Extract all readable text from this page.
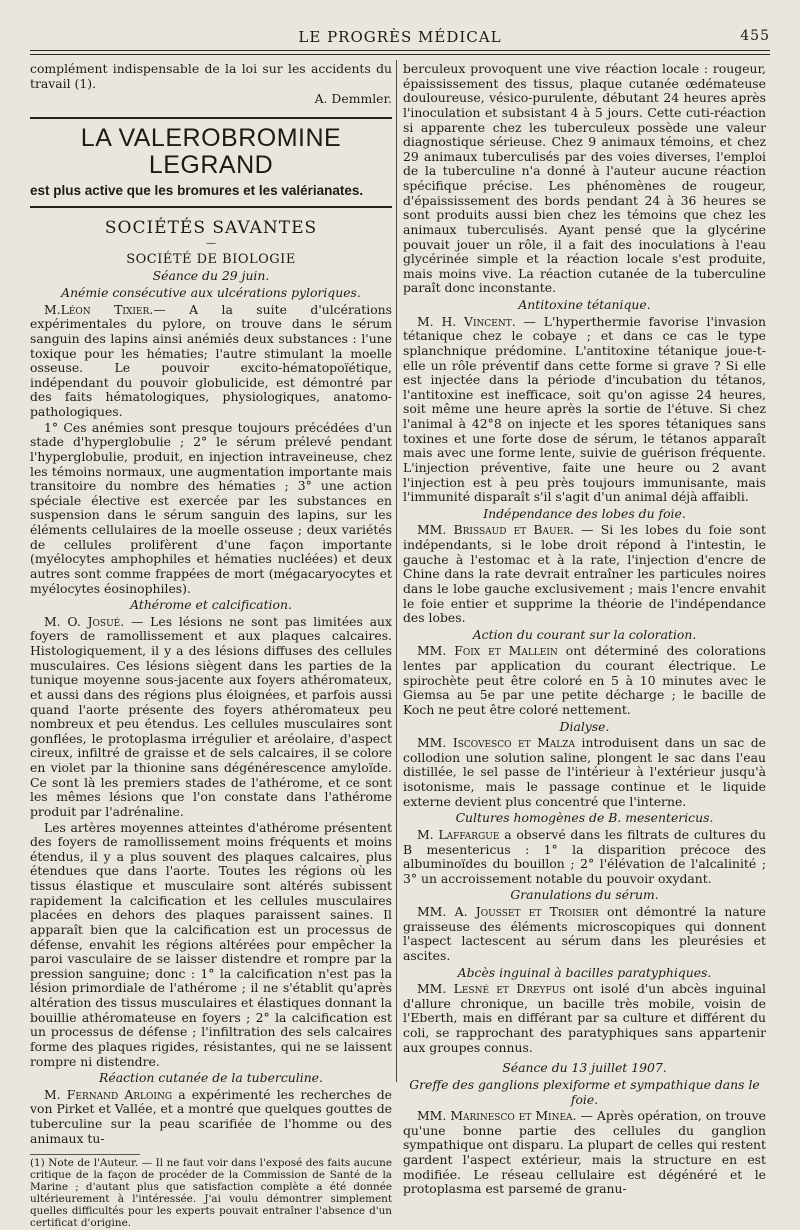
LE PROGRÈS MÉDICAL	455

complément indispensable de la loi sur les accidents du travail (1).

A. Demmler.

LA VALEROBROMINE LEGRAND
est plus active que les bromures et les valérianates.
SOCIÉTÉS SAVANTES
—
SOCIÉTÉ DE BIOLOGIE
Séance du 29 juin.
Anémie consécutive aux ulcérations pyloriques.

M.Léon Tixier.— A la suite d'ulcérations expérimentales du pylore, on trouve dans le sérum sanguin des lapins ainsi anémiés deux substances : l'une toxique pour les hématies; l'autre stimulant la moelle osseuse. Le pouvoir excito-hématopoïétique, indépendant du pouvoir globulicide, est démontré par des faits hématologiques, physiologiques, anatomo-pathologiques.

1° Ces anémies sont presque toujours précédées d'un stade d'hyperglobulie ; 2° le sérum prélevé pendant l'hyperglobulie, produit, en injection intraveineuse, chez les témoins normaux, une augmentation importante mais transitoire du nombre des hématies ; 3° une action spéciale élective est exercée par les substances en suspension dans le sérum sanguin des lapins, sur les éléments cellulaires de la moelle osseuse ; deux variétés de cellules prolifèrent d'une façon importante (myélocytes amphophiles et hématies nucléées) et deux autres sont comme frappées de mort (mégacaryocytes et myélocytes éosinophiles).

Athérome et calcification.

M. O. Josué. — Les lésions ne sont pas limitées aux foyers de ramollissement et aux plaques calcaires. Histologiquement, il y a des lésions diffuses des cellules musculaires. Ces lésions siègent dans les parties de la tunique moyenne sous-jacente aux foyers athéromateux, et aussi dans des régions plus éloignées, et parfois aussi quand l'aorte présente des foyers athéromateux peu nombreux et peu étendus. Les cellules musculaires sont gonflées, le protoplasma irrégulier et aréolaire, d'aspect cireux, infiltré de graisse et de sels calcaires, il se colore en violet par la thionine sans dégénérescence amyloïde. Ce sont là les premiers stades de l'athérome, et ce sont les mêmes lésions que l'on constate dans l'athérome produit par l'adrénaline.

Les artères moyennes atteintes d'athérome présentent des foyers de ramollissement moins fréquents et moins étendus, il y a plus souvent des plaques calcaires, plus étendues que dans l'aorte. Toutes les régions où les tissus élastique et musculaire sont altérés subissent rapidement la calcification et les cellules musculaires placées en dehors des plaques paraissent saines. Il apparaît bien que la calcification est un processus de défense, envahit les régions altérées pour empêcher la paroi vasculaire de se laisser distendre et rompre par la pression sanguine; donc : 1° la calcification n'est pas la lésion primordiale de l'athérome ; il ne s'établit qu'après altération des tissus musculaires et élastiques donnant la bouillie athéromateuse en foyers ; 2° la calcification est un processus de défense ; l'infiltration des sels calcaires forme des plaques rigides, résistantes, qui ne se laissent rompre ni distendre.

Réaction cutanée de la tuberculine.

M. Fernand Arloing a expérimenté les recherches de von Pirket et Vallée, et a montré que quelques gouttes de tuberculine sur la peau scarifiée de l'homme ou des animaux tu-

(1) Note de l'Auteur. — Il ne faut voir dans l'exposé des faits aucune critique de la façon de procéder de la Commission de Santé de la Marine ; d'autant plus que satisfaction complète a été donnée ultérieurement à l'intéressée. J'ai voulu démontrer simplement quelles difficultés pour les experts pouvait entraîner l'absence d'un certificat d'origine.

berculeux provoquent une vive réaction locale : rougeur, épaississement des tissus, plaque cutanée œdémateuse douloureuse, vésico-purulente, débutant 24 heures après l'inoculation et subsistant 4 à 5 jours. Cette cuti-réaction si apparente chez les tuberculeux possède une valeur diagnostique sérieuse. Chez 9 animaux témoins, et chez 29 animaux tuberculisés par des voies diverses, l'emploi de la tuberculine n'a donné à l'auteur aucune réaction spécifique précise. Les phénomènes de rougeur, d'épaississement des bords pendant 24 à 36 heures se sont produits aussi bien chez les témoins que chez les animaux tuberculisés. Ayant pensé que la glycérine pouvait jouer un rôle, il a fait des inoculations à l'eau glycérinée simple et la réaction locale s'est produite, mais moins vive. La réaction cutanée de la tuberculine paraît donc inconstante.

Antitoxine tétanique.

M. H. Vincent. — L'hyperthermie favorise l'invasion tétanique chez le cobaye ; et dans ce cas le type splanchnique prédomine. L'antitoxine tétanique joue-t-elle un rôle préventif dans cette forme si grave ? Si elle est injectée dans la période d'incubation du tétanos, l'antitoxine est inefficace, soit qu'on agisse 24 heures, soit même une heure après la sortie de l'étuve. Si chez l'animal à 42°8 on injecte et les spores tétaniques sans toxines et une forte dose de sérum, le tétanos apparaît mais avec une forme lente, suivie de guérison fréquente. L'injection préventive, faite une heure ou 2 avant l'injection est à peu près toujours immunisante, mais l'immunité disparaît s'il s'agit d'un animal déjà affaibli.

Indépendance des lobes du foie.

MM. Brissaud et Bauer. — Si les lobes du foie sont indépendants, si le lobe droit répond à l'intestin, le gauche à l'estomac et à la rate, l'injection d'encre de Chine dans la rate devrait entraîner les particules noires dans le lobe gauche exclusivement ; mais l'encre envahit le foie entier et supprime la théorie de l'indépendance des lobes.

Action du courant sur la coloration.

MM. Foix et Mallein ont déterminé des colorations lentes par application du courant électrique. Le spirochète peut être coloré en 5 à 10 minutes avec le Giemsa au 5e par une petite décharge ; le bacille de Koch ne peut être coloré nettement.

Dialyse.

MM. Iscovesco et Malza introduisent dans un sac de collodion une solution saline, plongent le sac dans l'eau distillée, le sel passe de l'intérieur à l'extérieur jusqu'à isotonisme, mais le passage continue et le liquide externe devient plus concentré que l'interne.

Cultures homogènes de B. mesentericus.

M. Laffargue a observé dans les filtrats de cultures du B mesentericus : 1° la disparition précoce des albuminoïdes du bouillon ; 2° l'élévation de l'alcalinité ; 3° un accroissement notable du pouvoir oxydant.

Granulations du sérum.

MM. A. Jousset et Troisier ont démontré la nature graisseuse des éléments microscopiques qui donnent l'aspect lactescent au sérum dans les pleurésies et ascites.

Abcès inguinal à bacilles paratyphiques.

MM. Lesné et Dreyfus ont isolé d'un abcès inguinal d'allure chronique, un bacille très mobile, voisin de l'Eberth, mais en différant par sa culture et différent du coli, se rapprochant des paratyphiques sans appartenir aux groupes connus.

Séance du 13 juillet 1907.
Greffe des ganglions plexiforme et sympathique dans le foie.

MM. Marinesco et Minea. — Après opération, on trouve qu'une bonne partie des cellules du ganglion sympathique ont disparu. La plupart de celles qui restent gardent l'aspect extérieur, mais la structure en est modifiée. Le réseau cellulaire est dégénéré et le protoplasma est parsemé de granu-
